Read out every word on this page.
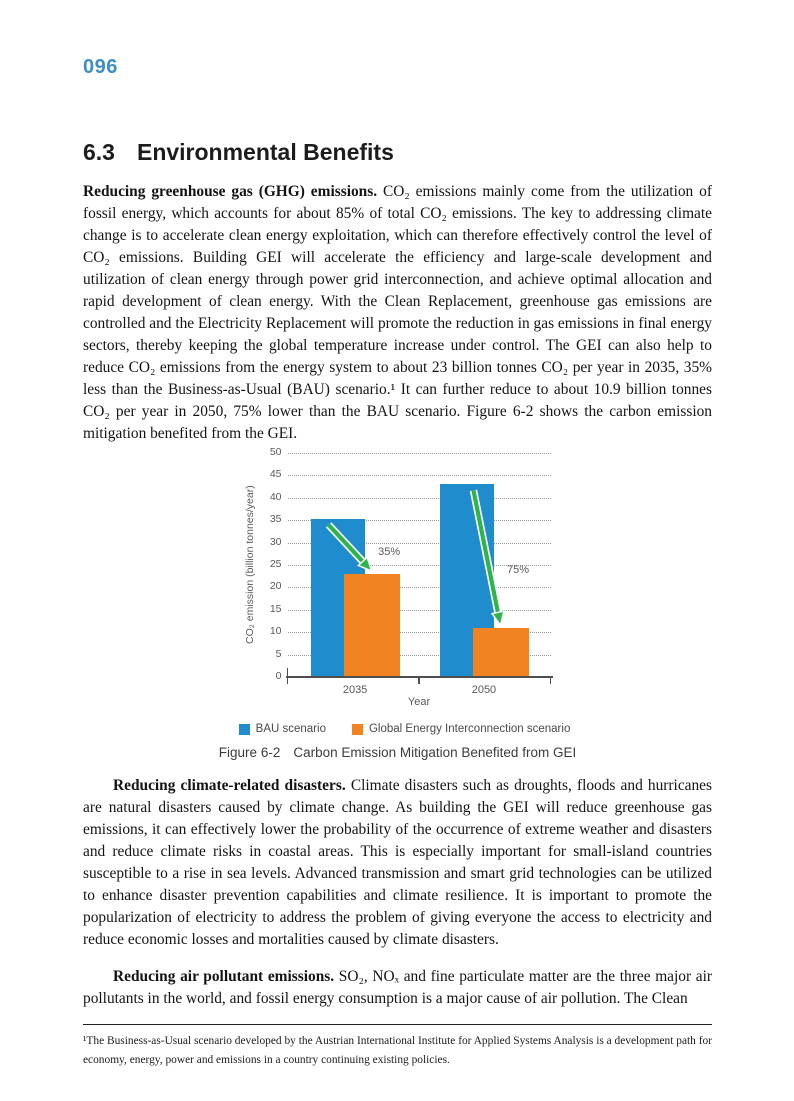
096
6.3 Environmental Benefits

Reducing greenhouse gas (GHG) emissions. CO₂ emissions mainly come from the utilization of fossil energy, which accounts for about 85% of total CO₂ emissions. The key to addressing climate change is to accelerate clean energy exploitation, which can therefore effectively control the level of CO₂ emissions. Building GEI will accelerate the efficiency and large-scale development and utilization of clean energy through power grid interconnection, and achieve optimal allocation and rapid development of clean energy. With the Clean Replacement, greenhouse gas emissions are controlled and the Electricity Replacement will promote the reduction in gas emissions in final energy sectors, thereby keeping the global temperature increase under control. The GEI can also help to reduce CO₂ emissions from the energy system to about 23 billion tonnes CO₂ per year in 2035, 35% less than the Business-as-Usual (BAU) scenario.¹ It can further reduce to about 10.9 billion tonnes CO₂ per year in 2050, 75% lower than the BAU scenario. Figure 6-2 shows the carbon emission mitigation benefited from the GEI.

CO₂ emission (billion tonnes/year)
0
5
10
15
20
25
30
35
40
45
50
2035	2050
Year
35%
75%
BAU scenario	Global Energy Interconnection scenario
Figure 6-2 Carbon Emission Mitigation Benefited from GEI

Reducing climate-related disasters. Climate disasters such as droughts, floods and hurricanes are natural disasters caused by climate change. As building the GEI will reduce greenhouse gas emissions, it can effectively lower the probability of the occurrence of extreme weather and disasters and reduce climate risks in coastal areas. This is especially important for small-island countries susceptible to a rise in sea levels. Advanced transmission and smart grid technologies can be utilized to enhance disaster prevention capabilities and climate resilience. It is important to promote the popularization of electricity to address the problem of giving everyone the access to electricity and reduce economic losses and mortalities caused by climate disasters.

Reducing air pollutant emissions. SO₂, NOₓ and fine particulate matter are the three major air pollutants in the world, and fossil energy consumption is a major cause of air pollution. The Clean

¹The Business-as-Usual scenario developed by the Austrian International Institute for Applied Systems Analysis is a development path for economy, energy, power and emissions in a country continuing existing policies.
